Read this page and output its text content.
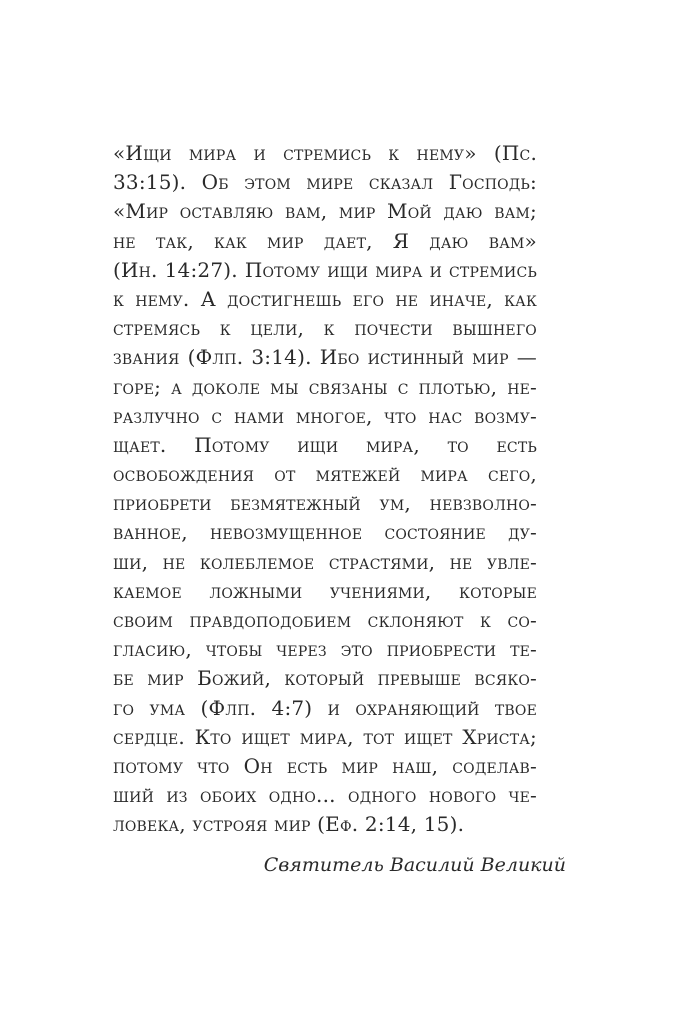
«Ищи мира и стремись к нему» (Пс.
33:15). Об этом мире сказал Господь:
«Мир оставляю вам, мир Мой даю вам;
не так, как мир дает, Я даю вам»
(Ин. 14:27). Потому ищи мира и стремись
к нему. А достигнешь его не иначе, как
стремясь к цели, к почести вышнего
звания (Флп. 3:14). Ибо истинный мир —
горе; а доколе мы связаны с плотью, не-
разлучно с нами многое, что нас возму-
щает. Потому ищи мира, то есть
освобождения от мятежей мира сего,
приобрети безмятежный ум, невзволно-
ванное, невозмущенное состояние ду-
ши, не колеблемое страстями, не увле-
каемое ложными учениями, которые
своим правдоподобием склоняют к со-
гласию, чтобы через это приобрести те-
бе мир Божий, который превыше всяко-
го ума (Флп. 4:7) и охраняющий твое
сердце. Кто ищет мира, тот ищет Христа;
потому что Он есть мир наш, соделав-
ший из обоих одно... одного нового че-
ловека, устрояя мир (Еф. 2:14, 15).
Святитель Василий Великий
